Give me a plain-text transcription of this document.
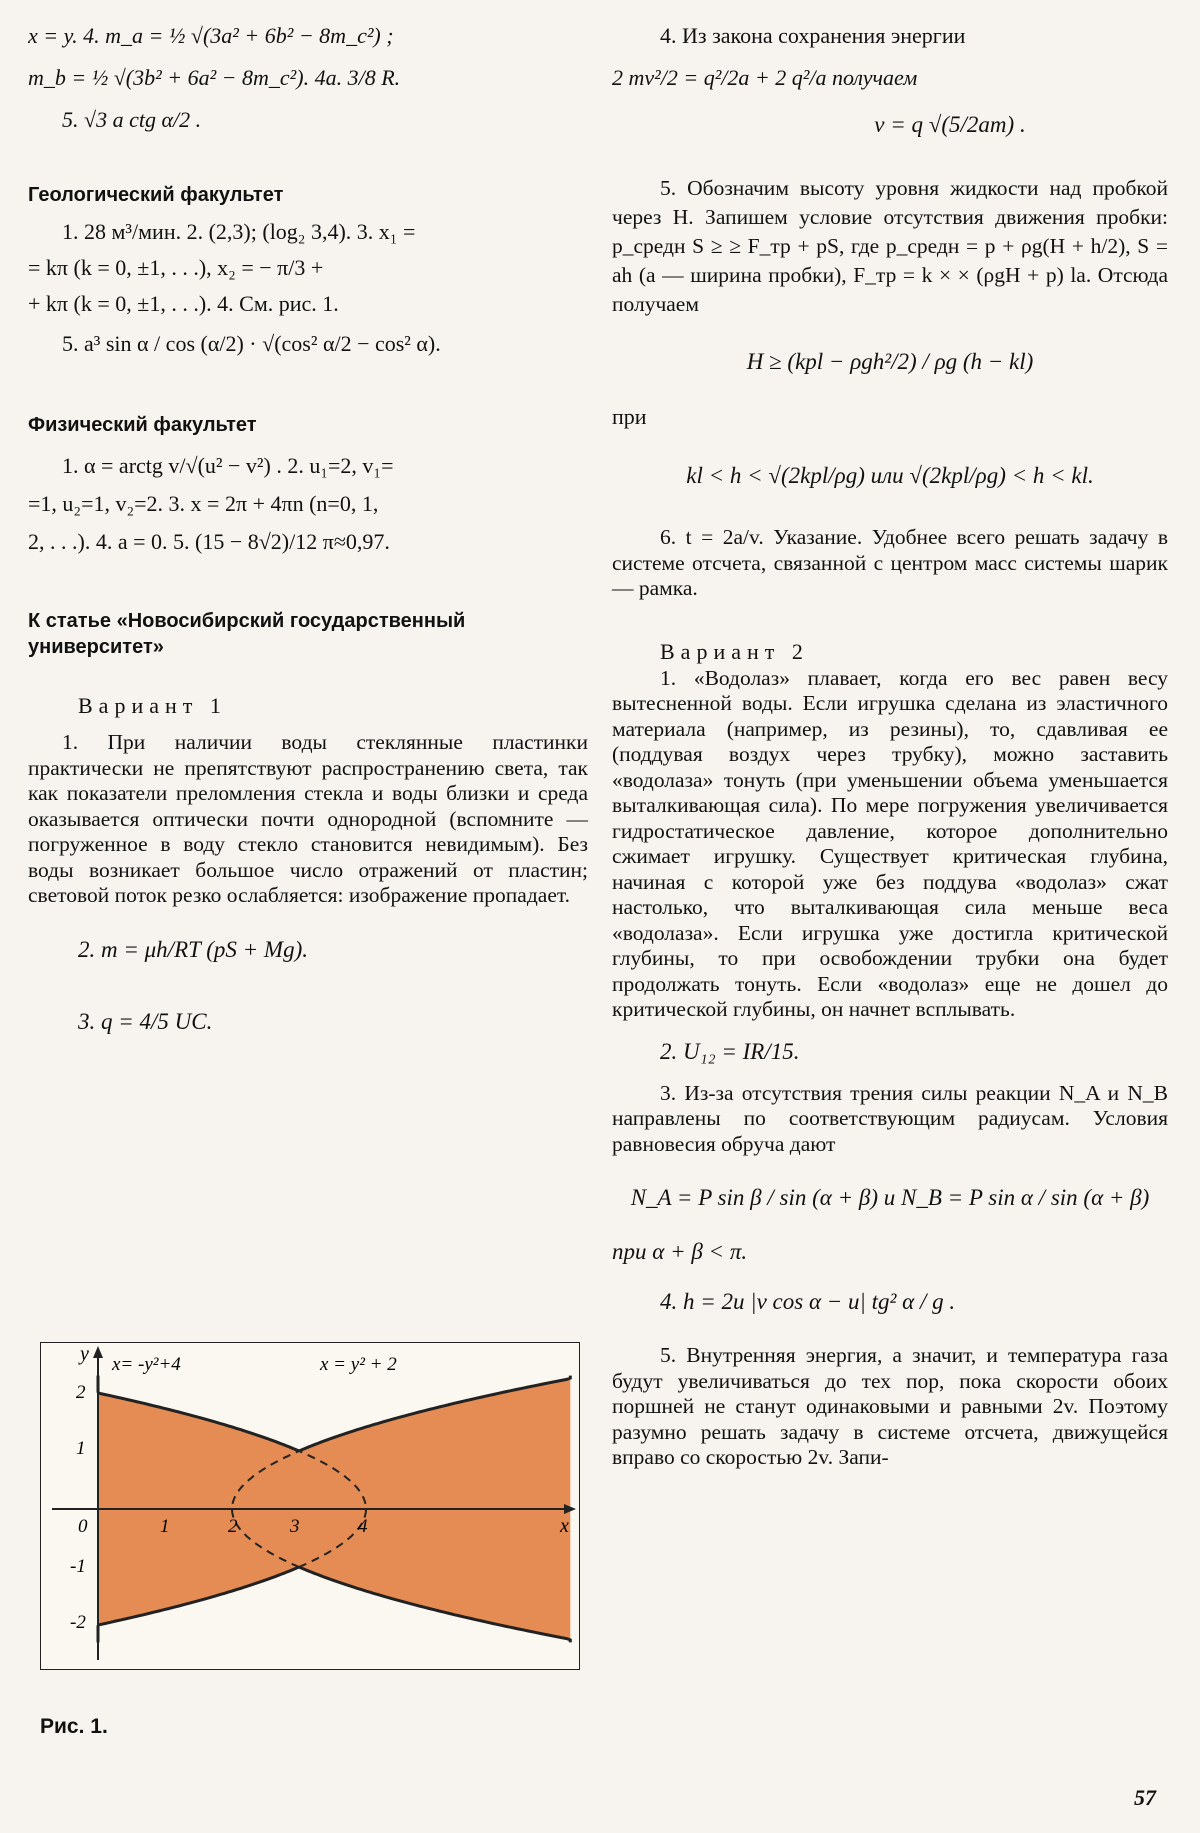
x = y. 4. m_a = ½ √(3a² + 6b² − 8m_c²) ;
m_b = ½ √(3b² + 6a² − 8m_c²). 4а. 3/8 R.
5. √3 a ctg α/2 .

Геологический факультет

1. 28 м³/мин. 2. (2,3); (log₂ 3,4). 3. x₁ =
= kπ (k = 0, ±1, . . .), x₂ = − π/3 +
+ kπ (k = 0, ±1, . . .). 4. См. рис. 1.
5. a³ sin α / cos (α/2) · √(cos² α/2 − cos² α).

Физический факультет

1. α = arctg v/√(u² − v²) . 2. u₁=2, v₁=
=1, u₂=1, v₂=2. 3. x = 2π + 4πn (n=0, 1,
2, . . .). 4. a = 0. 5. (15 − 8√2)/12 π≈0,97.

К статье «Новосибирский государственный университет»

Вариант 1

1. При наличии воды стеклянные пластинки практически не препятствуют распространению света, так как показатели преломления стекла и воды близки и среда оказывается оптически почти однородной (вспомните — погруженное в воду стекло становится невидимым). Без воды возникает большое число отражений от пластин; световой поток резко ослабляется: изображение пропадает.

2. m = μh/RT (pS + Mg).
3. q = 4/5 UC.
y
x
x= -y²+4	x = y² + 2
0	1	2	3	4
2
1
-1
-2
Рис. 1.
4. Из закона сохранения энергии
2 mv²/2 = q²/2a + 2 q²/a получаем
v = q √(5/2am) .

5. Обозначим высоту уровня жидкости над пробкой через H. Запишем условие отсутствия движения пробки: p_средн S ≥ ≥ F_тр + pS, где p_средн = p + ρg(H + h/2), S = ah (a — ширина пробки), F_тр = k × × (ρgH + p) la. Отсюда получаем

H ≥ (kpl − ρgh²/2) / ρg (h − kl)
при
kl < h < √(2kpl/ρg) или √(2kpl/ρg) < h < kl.

6. t = 2a/v. Указание. Удобнее всего решать задачу в системе отсчета, связанной с центром масс системы шарик — рамка.

Вариант 2

1. «Водолаз» плавает, когда его вес равен весу вытесненной воды. Если игрушка сделана из эластичного материала (например, из резины), то, сдавливая ее (поддувая воздух через трубку), можно заставить «водолаза» тонуть (при уменьшении объема уменьшается выталкивающая сила). По мере погружения увеличивается гидростатическое давление, которое дополнительно сжимает игрушку. Существует критическая глубина, начиная с которой уже без поддува «водолаз» сжат настолько, что выталкивающая сила меньше веса «водолаза». Если игрушка уже достигла критической глубины, то при освобождении трубки она будет продолжать тонуть. Если «водолаз» еще не дошел до критической глубины, он начнет всплывать.

2. U₁₂ = IR/15.

3. Из-за отсутствия трения силы реакции N_A и N_B направлены по соответствующим радиусам. Условия равновесия обруча дают

N_A = P sin β / sin (α + β) и N_B = P sin α / sin (α + β)
при α + β < π.
4. h = 2u |v cos α − u| tg² α / g .

5. Внутренняя энергия, а значит, и температура газа будут увеличиваться до тех пор, пока скорости обоих поршней не станут одинаковыми и равными 2v. Поэтому разумно решать задачу в системе отсчета, движущейся вправо со скоростью 2v. Запи-

57
